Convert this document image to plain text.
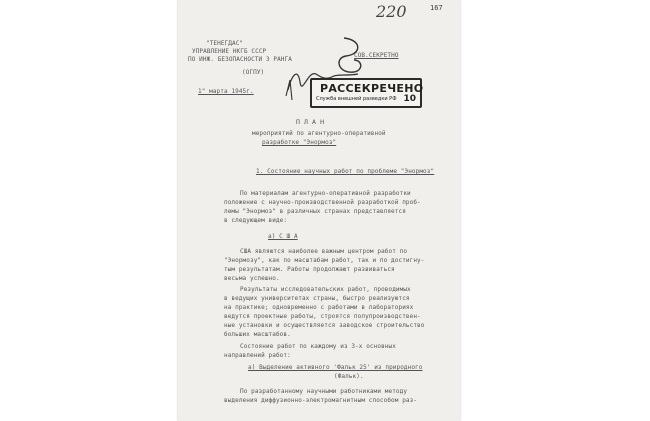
220	167
"ТЕНЕГДАС"
УПРАВЛЕНИЕ НКГБ СССР
ПО ИНЖ. БЕЗОПАСНОСТИ 3 РАНГА
(ОГПУ)
1" марта 1945г.
СОВ.СЕКРЕТНО
РАССЕКРЕЧЕНО
Служба внешней разведки РФ 10
П Л А Н
мероприятий по агентурно-оперативной
разработке "Энормоз"
1. Состояние научных работ по проблеме "Энормоз"
По материалам агентурно-оперативной разработки
положение с научно-производственной разработкой проб-
лемы "Энормоз" в различных странах представляется
в следующем виде:
а) С Ш А
США являются наиболее важным центром работ по
"Энормозу", как по масштабам работ, так и по достигну-
тым результатам. Работы продолжают развиваться
весьма успешно.
Результаты исследовательских работ, проводимых
в ведущих университетах страны, быстро реализуются
на практике; одновременно с работами в лабораториях
ведутся проектные работы, строятся полупроизводствен-
ные установки и осуществляется заводское строительство
больших масштабов.
Состояние работ по каждому из 3-х основных
направлений работ:
а) Выделение активного 'Фальк 25' из природного
(Фальк).
По разработанному научными работниками методу
выделения диффузионно-электромагнитным способом раз-
